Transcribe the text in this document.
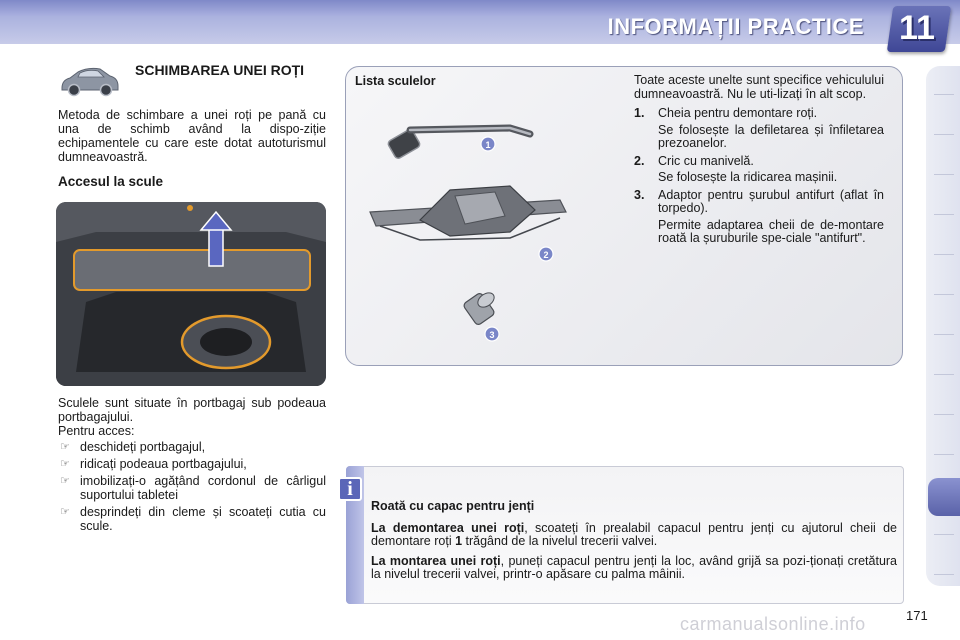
INFORMAȚII PRACTICE 11
SCHIMBAREA UNEI ROȚI
Metoda de schimbare a unei roți pe pană cu una de schimb având la dispo-ziție echipamentele cu care este dotat autoturismul dumneavoastră.
Accesul la scule
Sculele sunt situate în portbagaj sub podeaua portbagajului.
Pentru acces:
☞ deschideți portbagajul,
☞ ridicați podeaua portbagajului,
☞ imobilizați-o agățând cordonul de cârligul suportului tabletei
☞ desprindeți din cleme și scoateți cutia cu scule.
Lista sculelor
1
2
3
Toate aceste unelte sunt specifice vehiculului dumneavoastră. Nu le uti-lizați în alt scop.
1.	Cheia pentru demontare roți.
Se folosește la defiletarea și înfiletarea prezoanelor.
2.	Cric cu manivelă.
Se folosește la ridicarea mașinii.
3.	Adaptor pentru șurubul antifurt (aflat în torpedo).
Permite adaptarea cheii de de-montare roată la șuruburile spe-ciale "antifurt".
i

Roată cu capac pentru jenți

La demontarea unei roți, scoateți în prealabil capacul pentru jenți cu ajutorul cheii de demontare roți 1 trăgând de la nivelul trecerii valvei.

La montarea unei roți, puneți capacul pentru jenți la loc, având grijă sa pozi-ționați cretătura la nivelul trecerii valvei, printr-o apăsare cu palma mâinii.

carmanualsonline.info	171
